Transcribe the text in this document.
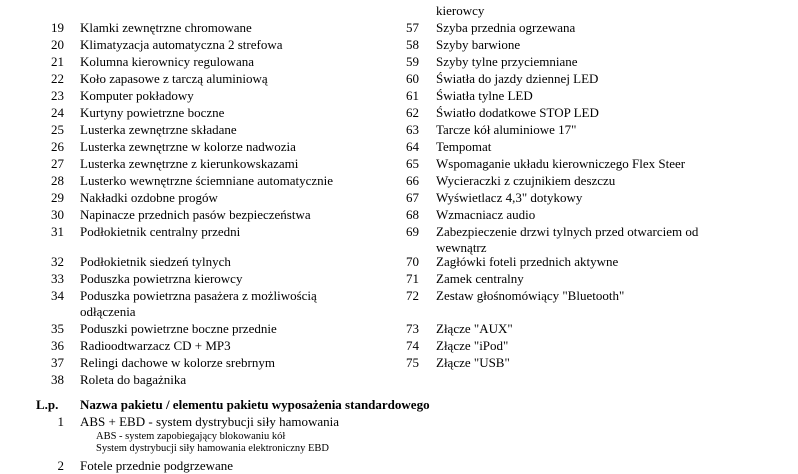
kierowcy
19 Klamki zewnętrzne chromowane
20 Klimatyzacja automatyczna 2 strefowa
21 Kolumna kierownicy regulowana
22 Koło zapasowe z tarczą aluminiową
23 Komputer pokładowy
24 Kurtyny powietrzne boczne
25 Lusterka zewnętrzne składane
26 Lusterka zewnętrzne w kolorze nadwozia
27 Lusterka zewnętrzne z kierunkowskazami
28 Lusterko wewnętrzne ściemniane automatycznie
29 Nakładki ozdobne progów
30 Napinacze przednich pasów bezpieczeństwa
31 Podłokietnik centralny przedni
32 Podłokietnik siedzeń tylnych
33 Poduszka powietrzna kierowcy
34 Poduszka powietrzna pasażera z możliwością
odłączenia
35 Poduszki powietrzne boczne przednie
36 Radioodtwarzacz CD + MP3
37 Relingi dachowe w kolorze srebrnym
38 Roleta do bagażnika
57 Szyba przednia ogrzewana
58 Szyby barwione
59 Szyby tylne przyciemniane
60 Światła do jazdy dziennej LED
61 Światła tylne LED
62 Światło dodatkowe STOP LED
63 Tarcze kół aluminiowe 17"
64 Tempomat
65 Wspomaganie układu kierowniczego Flex Steer
66 Wycieraczki z czujnikiem deszczu
67 Wyświetlacz 4,3" dotykowy
68 Wzmacniacz audio
69 Zabezpieczenie drzwi tylnych przed otwarciem od
wewnątrz
70 Zagłówki foteli przednich aktywne
71 Zamek centralny
72 Zestaw głośnomówiący "Bluetooth"
73 Złącze "AUX"
74 Złącze "iPod"
75 Złącze "USB"
L.p. Nazwa pakietu / elementu pakietu wyposażenia standardowego
1 ABS + EBD - system dystrybucji siły hamowania
ABS - system zapobiegający blokowaniu kół
System dystrybucji siły hamowania elektroniczny EBD
2 Fotele przednie podgrzewane
